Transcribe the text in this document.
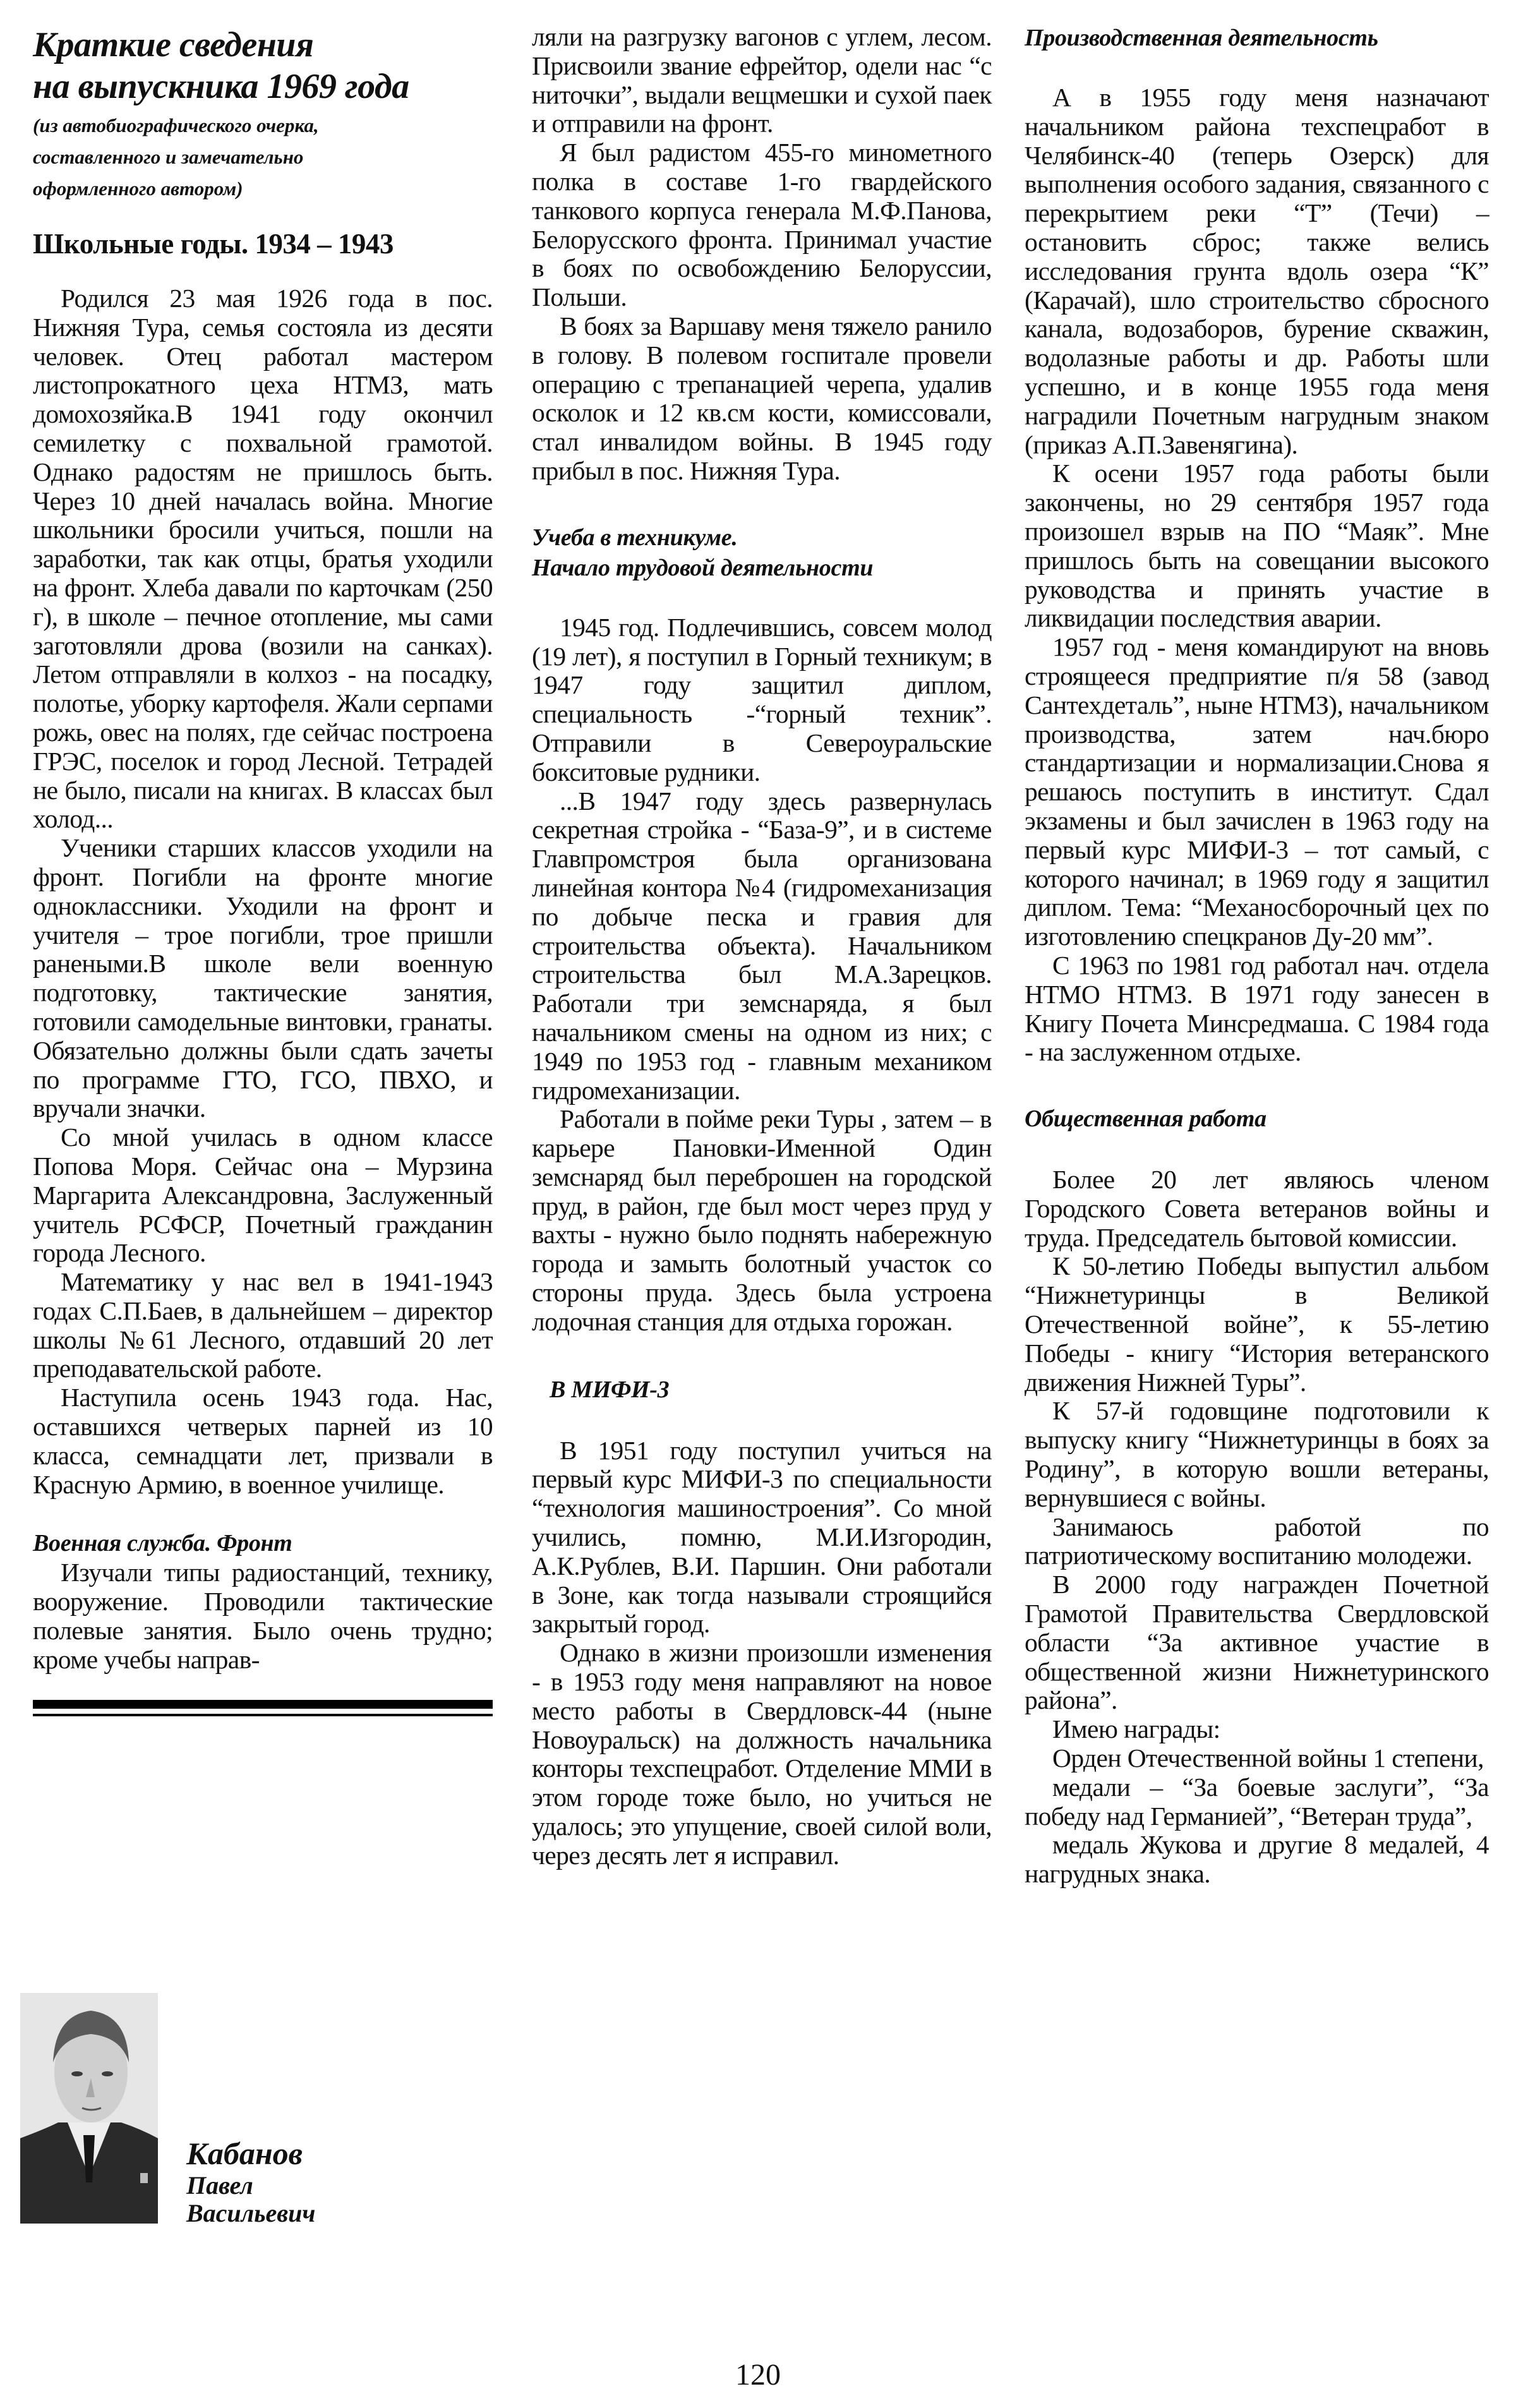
Краткие сведения
на выпускника 1969 года
(из автобиографического очерка, составленного и замечательно оформленного автором)
Школьные годы. 1934 – 1943

Родился 23 мая 1926 года в пос. Нижняя Тура, семья состояла из десяти человек. Отец работал мастером листопрокатного цеха НТМЗ, мать домохозяйка.В 1941 году окончил семилетку с похвальной грамотой. Однако радостям не пришлось быть. Через 10 дней началась война. Многие школьники бросили учиться, пошли на заработки, так как отцы, братья уходили на фронт. Хлеба давали по карточкам (250 г), в школе – печное отопление, мы сами заготовляли дрова (возили на санках). Летом отправляли в колхоз - на посадку, полотье, уборку картофеля. Жали серпами рожь, овес на полях, где сейчас построена ГРЭС, поселок и город Лесной. Тетрадей не было, писали на книгах. В классах был холод...

Ученики старших классов уходили на фронт. Погибли на фронте многие одноклассники. Уходили на фронт и учителя – трое погибли, трое пришли ранеными.В школе вели военную подготовку, тактические занятия, готовили самодельные винтовки, гранаты. Обязательно должны были сдать зачеты по программе ГТО, ГСО, ПВХО, и вручали значки.

Со мной училась в одном классе Попова Моря. Сейчас она – Мурзина Маргарита Александровна, Заслуженный учитель РСФСР, Почетный гражданин города Лесного.

Математику у нас вел в 1941-1943 годах С.П.Баев, в дальнейшем – директор школы №61 Лесного, отдавший 20 лет преподавательской работе.

Наступила осень 1943 года. Нас, оставшихся четверых парней из 10 класса, семнадцати лет, призвали в Красную Армию, в военное училище.

Военная служба. Фронт

Изучали типы радиостанций, технику, вооружение. Проводили тактические полевые занятия. Было очень трудно; кроме учебы направ-

Кабанов
Павел
Васильевич

ляли на разгрузку вагонов с углем, лесом. Присвоили звание ефрейтор, одели нас “с ниточки”, выдали вещмешки и сухой паек и отправили на фронт.

Я был радистом 455-го минометного полка в составе 1-го гвардейского танкового корпуса генерала М.Ф.Панова, Белорусского фронта. Принимал участие в боях по освобождению Белоруссии, Польши.

В боях за Варшаву меня тяжело ранило в голову. В полевом госпитале провели операцию с трепанацией черепа, удалив осколок и 12 кв.см кости, комиссовали, стал инвалидом войны. В 1945 году прибыл в пос. Нижняя Тура.

Учеба в техникуме.
Начало трудовой деятельности

1945 год. Подлечившись, совсем молод (19 лет), я поступил в Горный техникум; в 1947 году защитил диплом, специальность -“горный техник”. Отправили в Североуральские бокситовые рудники.

...В 1947 году здесь развернулась секретная стройка - “База-9”, и в системе Главпромстроя была организована линейная контора №4 (гидромеханизация по добыче песка и гравия для строительства объекта). Начальником строительства был М.А.Зарецков. Работали три земснаряда, я был начальником смены на одном из них; с 1949 по 1953 год - главным механиком гидромеханизации.

Работали в пойме реки Туры , затем – в карьере Пановки-Именной Один земснаряд был переброшен на городской пруд, в район, где был мост через пруд у вахты - нужно было поднять набережную города и замыть болотный участок со стороны пруда. Здесь была устроена лодочная станция для отдыха горожан.

В МИФИ-3

В 1951 году поступил учиться на первый курс МИФИ-3 по специальности “технология машиностроения”. Со мной учились, помню, М.И.Изгородин, А.К.Рублев, В.И. Паршин. Они работали в Зоне, как тогда называли строящийся закрытый город.

Однако в жизни произошли изменения - в 1953 году меня направляют на новое место работы в Свердловск-44 (ныне Новоуральск) на должность начальника конторы техспецработ. Отделение ММИ в этом городе тоже было, но учиться не удалось; это упущение, своей силой воли, через десять лет я исправил.

Производственная деятельность

А в 1955 году меня назначают начальником района техспецработ в Челябинск-40 (теперь Озерск) для выполнения особого задания, связанного с перекрытием реки “Т” (Течи) – остановить сброс; также велись исследования грунта вдоль озера “К” (Карачай), шло строительство сбросного канала, водозаборов, бурение скважин, водолазные работы и др. Работы шли успешно, и в конце 1955 года меня наградили Почетным нагрудным знаком (приказ А.П.Завенягина).

К осени 1957 года работы были закончены, но 29 сентября 1957 года произошел взрыв на ПО “Маяк”. Мне пришлось быть на совещании высокого руководства и принять участие в ликвидации последствия аварии.

1957 год - меня командируют на вновь строящееся предприятие п/я 58 (завод Сантехдеталь”, ныне НТМЗ), начальником производства, затем нач.бюро стандартизации и нормализации.Снова я решаюсь поступить в институт. Сдал экзамены и был зачислен в 1963 году на первый курс МИФИ-3 – тот самый, с которого начинал; в 1969 году я защитил диплом. Тема: “Механосборочный цех по изготовлению спецкранов Ду-20 мм”.

С 1963 по 1981 год работал нач. отдела НТМО НТМЗ. В 1971 году занесен в Книгу Почета Минсредмаша. С 1984 года - на заслуженном отдыхе.

Общественная работа

Более 20 лет являюсь членом Городского Совета ветеранов войны и труда. Председатель бытовой комиссии.

К 50-летию Победы выпустил альбом “Нижнетуринцы в Великой Отечественной войне”, к 55-летию Победы - книгу “История ветеранского движения Нижней Туры”.

К 57-й годовщине подготовили к выпуску книгу “Нижнетуринцы в боях за Родину”, в которую вошли ветераны, вернувшиеся с войны.

Занимаюсь работой по патриотическому воспитанию молодежи.

В 2000 году награжден Почетной Грамотой Правительства Свердловской области “За активное участие в общественной жизни Нижнетуринского района”.

Имею награды:

Орден Отечественной войны 1 степени,

медали – “За боевые заслуги”, “За победу над Германией”, “Ветеран труда”,

медаль Жукова и другие 8 медалей, 4 нагрудных знака.

120
